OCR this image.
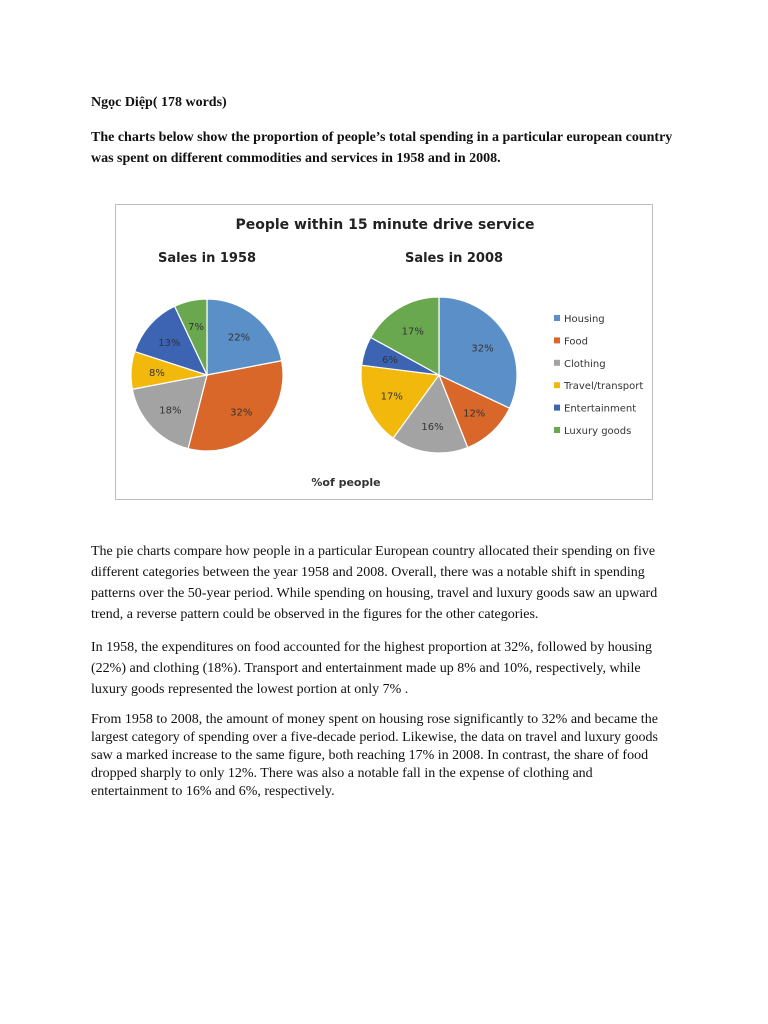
Ngọc Diệp( 178 words)
The charts below show the proportion of people’s total spending in a particular european country was spent on different commodities and services in 1958 and in 2008.
People within 15 minute drive service
Sales in 1958	Sales in 2008
22%
32%
18%
8%
13%
7%
32%
12%
16%
17%
6%
17%
Housing
Food
Clothing
Travel/transport
Entertainment
Luxury goods
%of people

The pie charts compare how people in a particular European country allocated their spending on five different categories between the year 1958 and 2008. Overall, there was a notable shift in spending patterns over the 50-year period. While spending on housing, travel and luxury goods saw an upward trend, a reverse pattern could be observed in the figures for the other categories.

In 1958, the expenditures on food accounted for the highest proportion at 32%, followed by housing (22%) and clothing (18%). Transport and entertainment made up 8% and 10%, respectively, while luxury goods represented the lowest portion at only 7% .

From 1958 to 2008, the amount of money spent on housing rose significantly to 32% and became the largest category of spending over a five-decade period. Likewise, the data on travel and luxury goods saw a marked increase to the same figure, both reaching 17% in 2008. In contrast, the share of food dropped sharply to only 12%. There was also a notable fall in the expense of clothing and entertainment to 16% and 6%, respectively.
